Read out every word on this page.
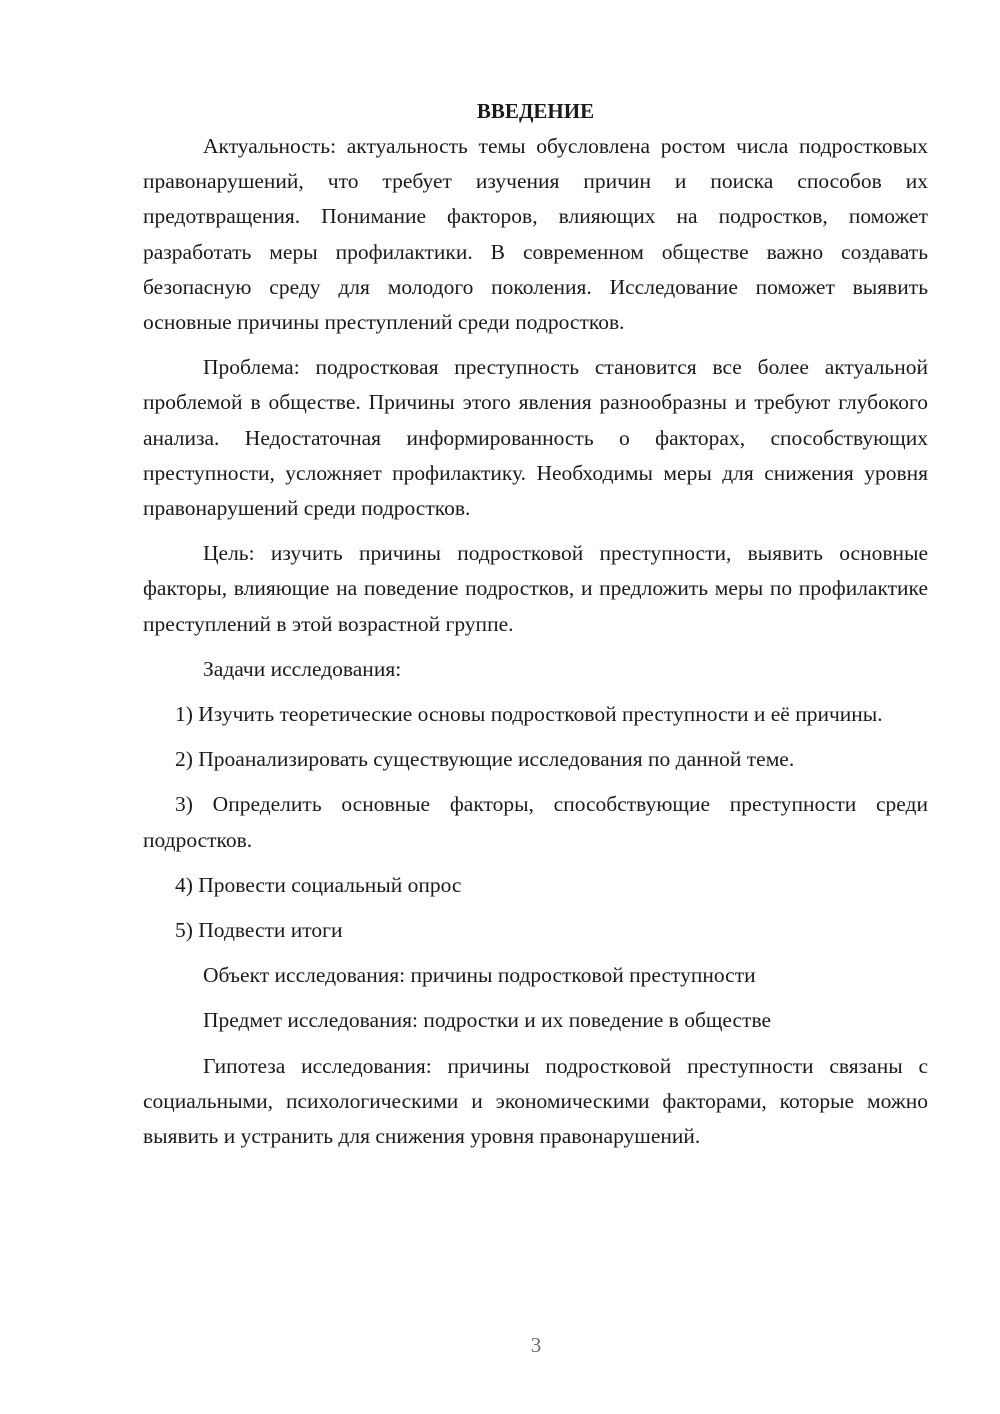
ВВЕДЕНИЕ

Актуальность: актуальность темы обусловлена ростом числа подростковых правонарушений, что требует изучения причин и поиска способов их предотвращения. Понимание факторов, влияющих на подростков, поможет разработать меры профилактики. В современном обществе важно создавать безопасную среду для молодого поколения. Исследование поможет выявить основные причины преступлений среди подростков.

Проблема: подростковая преступность становится все более актуальной проблемой в обществе. Причины этого явления разнообразны и требуют глубокого анализа. Недостаточная информированность о факторах, способствующих преступности, усложняет профилактику. Необходимы меры для снижения уровня правонарушений среди подростков.

Цель: изучить причины подростковой преступности, выявить основные факторы, влияющие на поведение подростков, и предложить меры по профилактике преступлений в этой возрастной группе.

Задачи исследования:

1) Изучить теоретические основы подростковой преступности и её причины.

2) Проанализировать существующие исследования по данной теме.

3) Определить основные факторы, способствующие преступности среди подростков.

4) Провести социальный опрос

5) Подвести итоги

Объект исследования: причины подростковой преступности

Предмет исследования: подростки и их поведение в обществе

Гипотеза исследования: причины подростковой преступности связаны с социальными, психологическими и экономическими факторами, которые можно выявить и устранить для снижения уровня правонарушений.

3
